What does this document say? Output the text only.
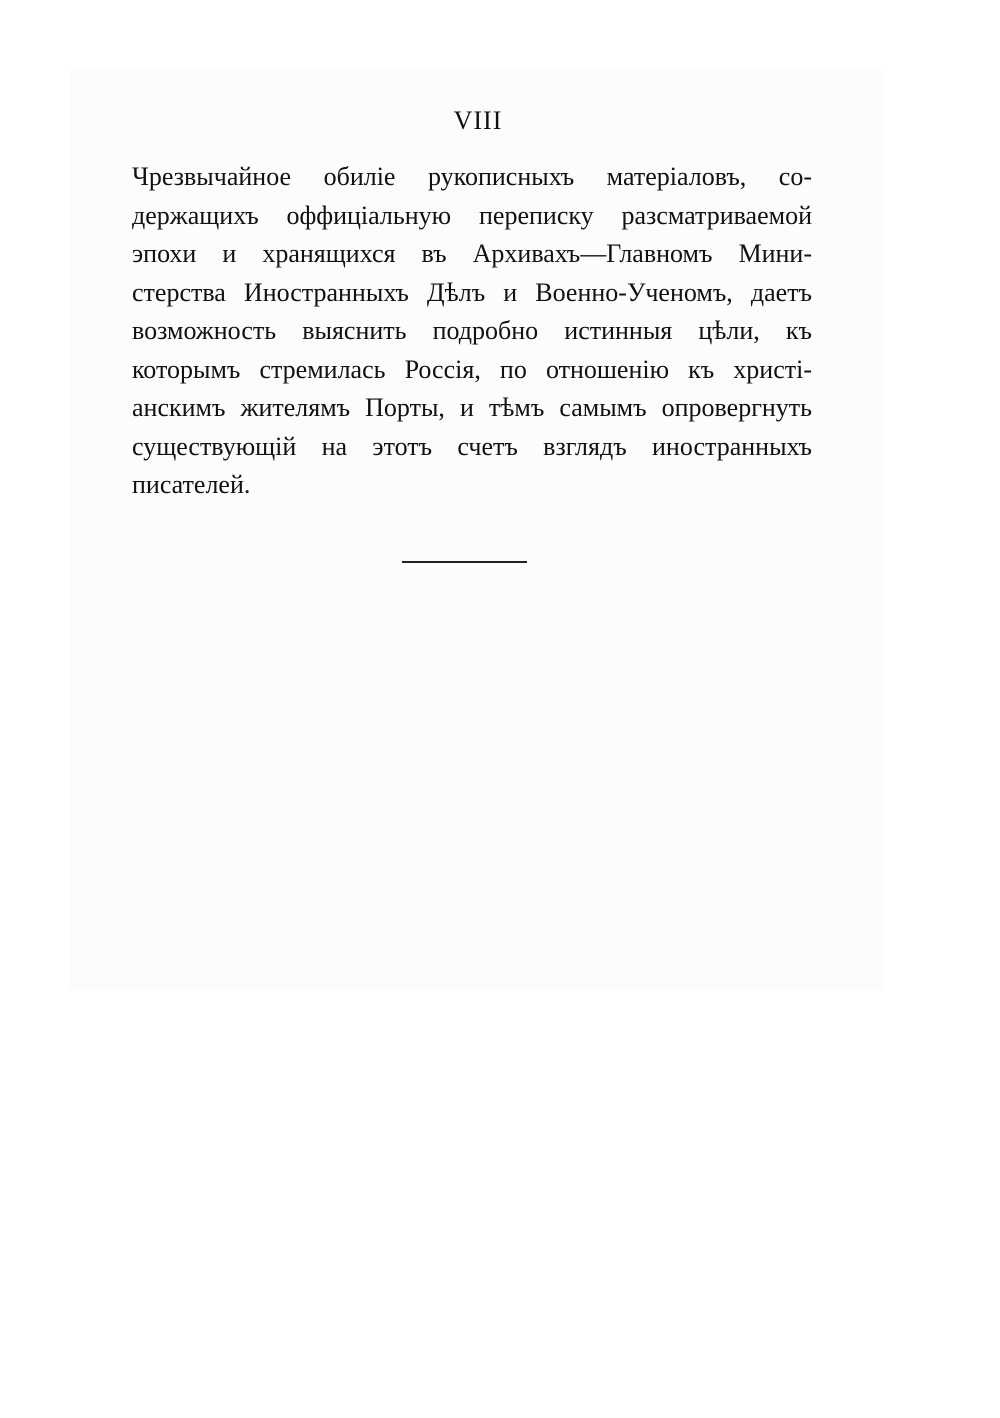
VIII
Чрезвычайное обиліе рукописныхъ матеріаловъ, со-
держащихъ оффиціальную переписку разсматриваемой
эпохи и хранящихся въ Архивахъ—Главномъ Мини-
стерства Иностранныхъ Дѣлъ и Военно-Ученомъ, даетъ
возможность выяснить подробно истинныя цѣли, къ
которымъ стремилась Россія, по отношенію къ христі-
анскимъ жителямъ Порты, и тѣмъ самымъ опровергнуть
существующій на этотъ счетъ взглядъ иностранныхъ
писателей.
